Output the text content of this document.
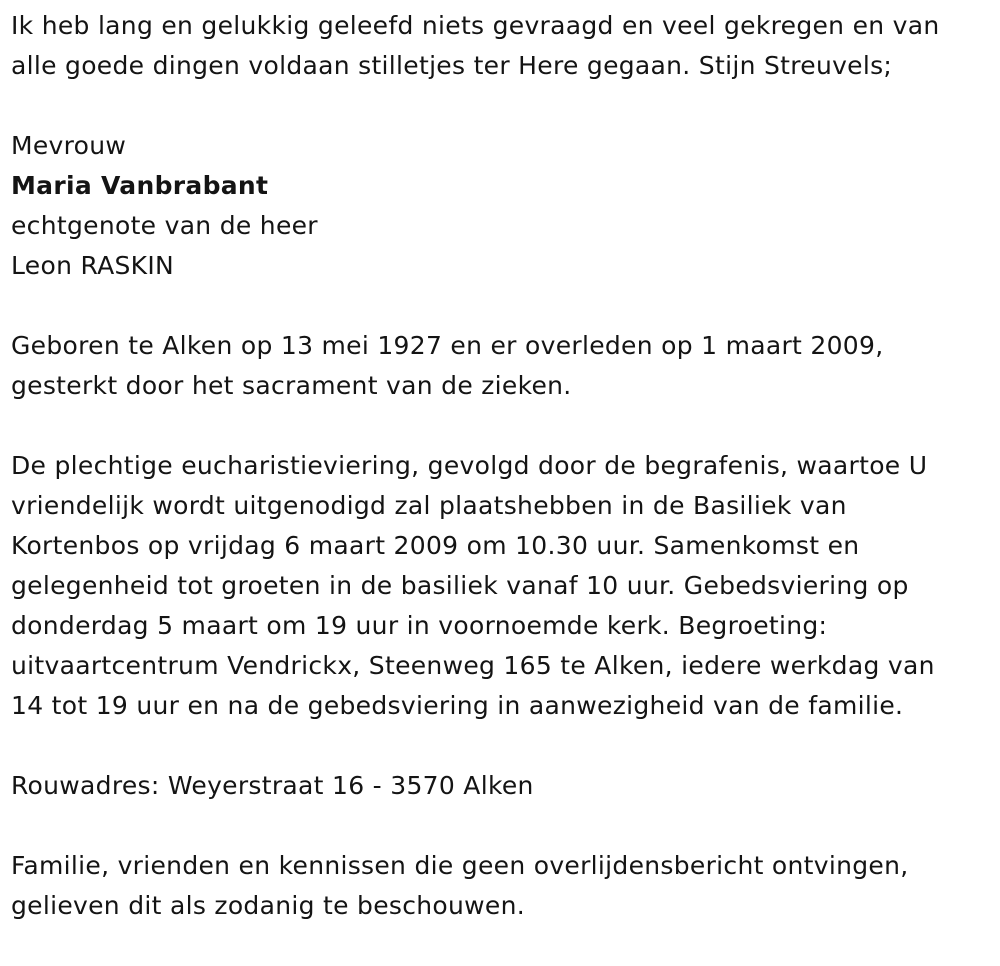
Ik heb lang en gelukkig geleefd niets gevraagd en veel gekregen en van
alle goede dingen voldaan stilletjes ter Here gegaan. Stijn Streuvels;

Mevrouw

Maria Vanbrabant

echtgenote van de heer

Leon RASKIN

Geboren te Alken op 13 mei 1927 en er overleden op 1 maart 2009,
gesterkt door het sacrament van de zieken.

De plechtige eucharistieviering, gevolgd door de begrafenis, waartoe U
vriendelijk wordt uitgenodigd zal plaatshebben in de Basiliek van
Kortenbos op vrijdag 6 maart 2009 om 10.30 uur. Samenkomst en
gelegenheid tot groeten in de basiliek vanaf 10 uur. Gebedsviering op
donderdag 5 maart om 19 uur in voornoemde kerk. Begroeting:
uitvaartcentrum Vendrickx, Steenweg 165 te Alken, iedere werkdag van
14 tot 19 uur en na de gebedsviering in aanwezigheid van de familie.

Rouwadres: Weyerstraat 16 - 3570 Alken

Familie, vrienden en kennissen die geen overlijdensbericht ontvingen,
gelieven dit als zodanig te beschouwen.
